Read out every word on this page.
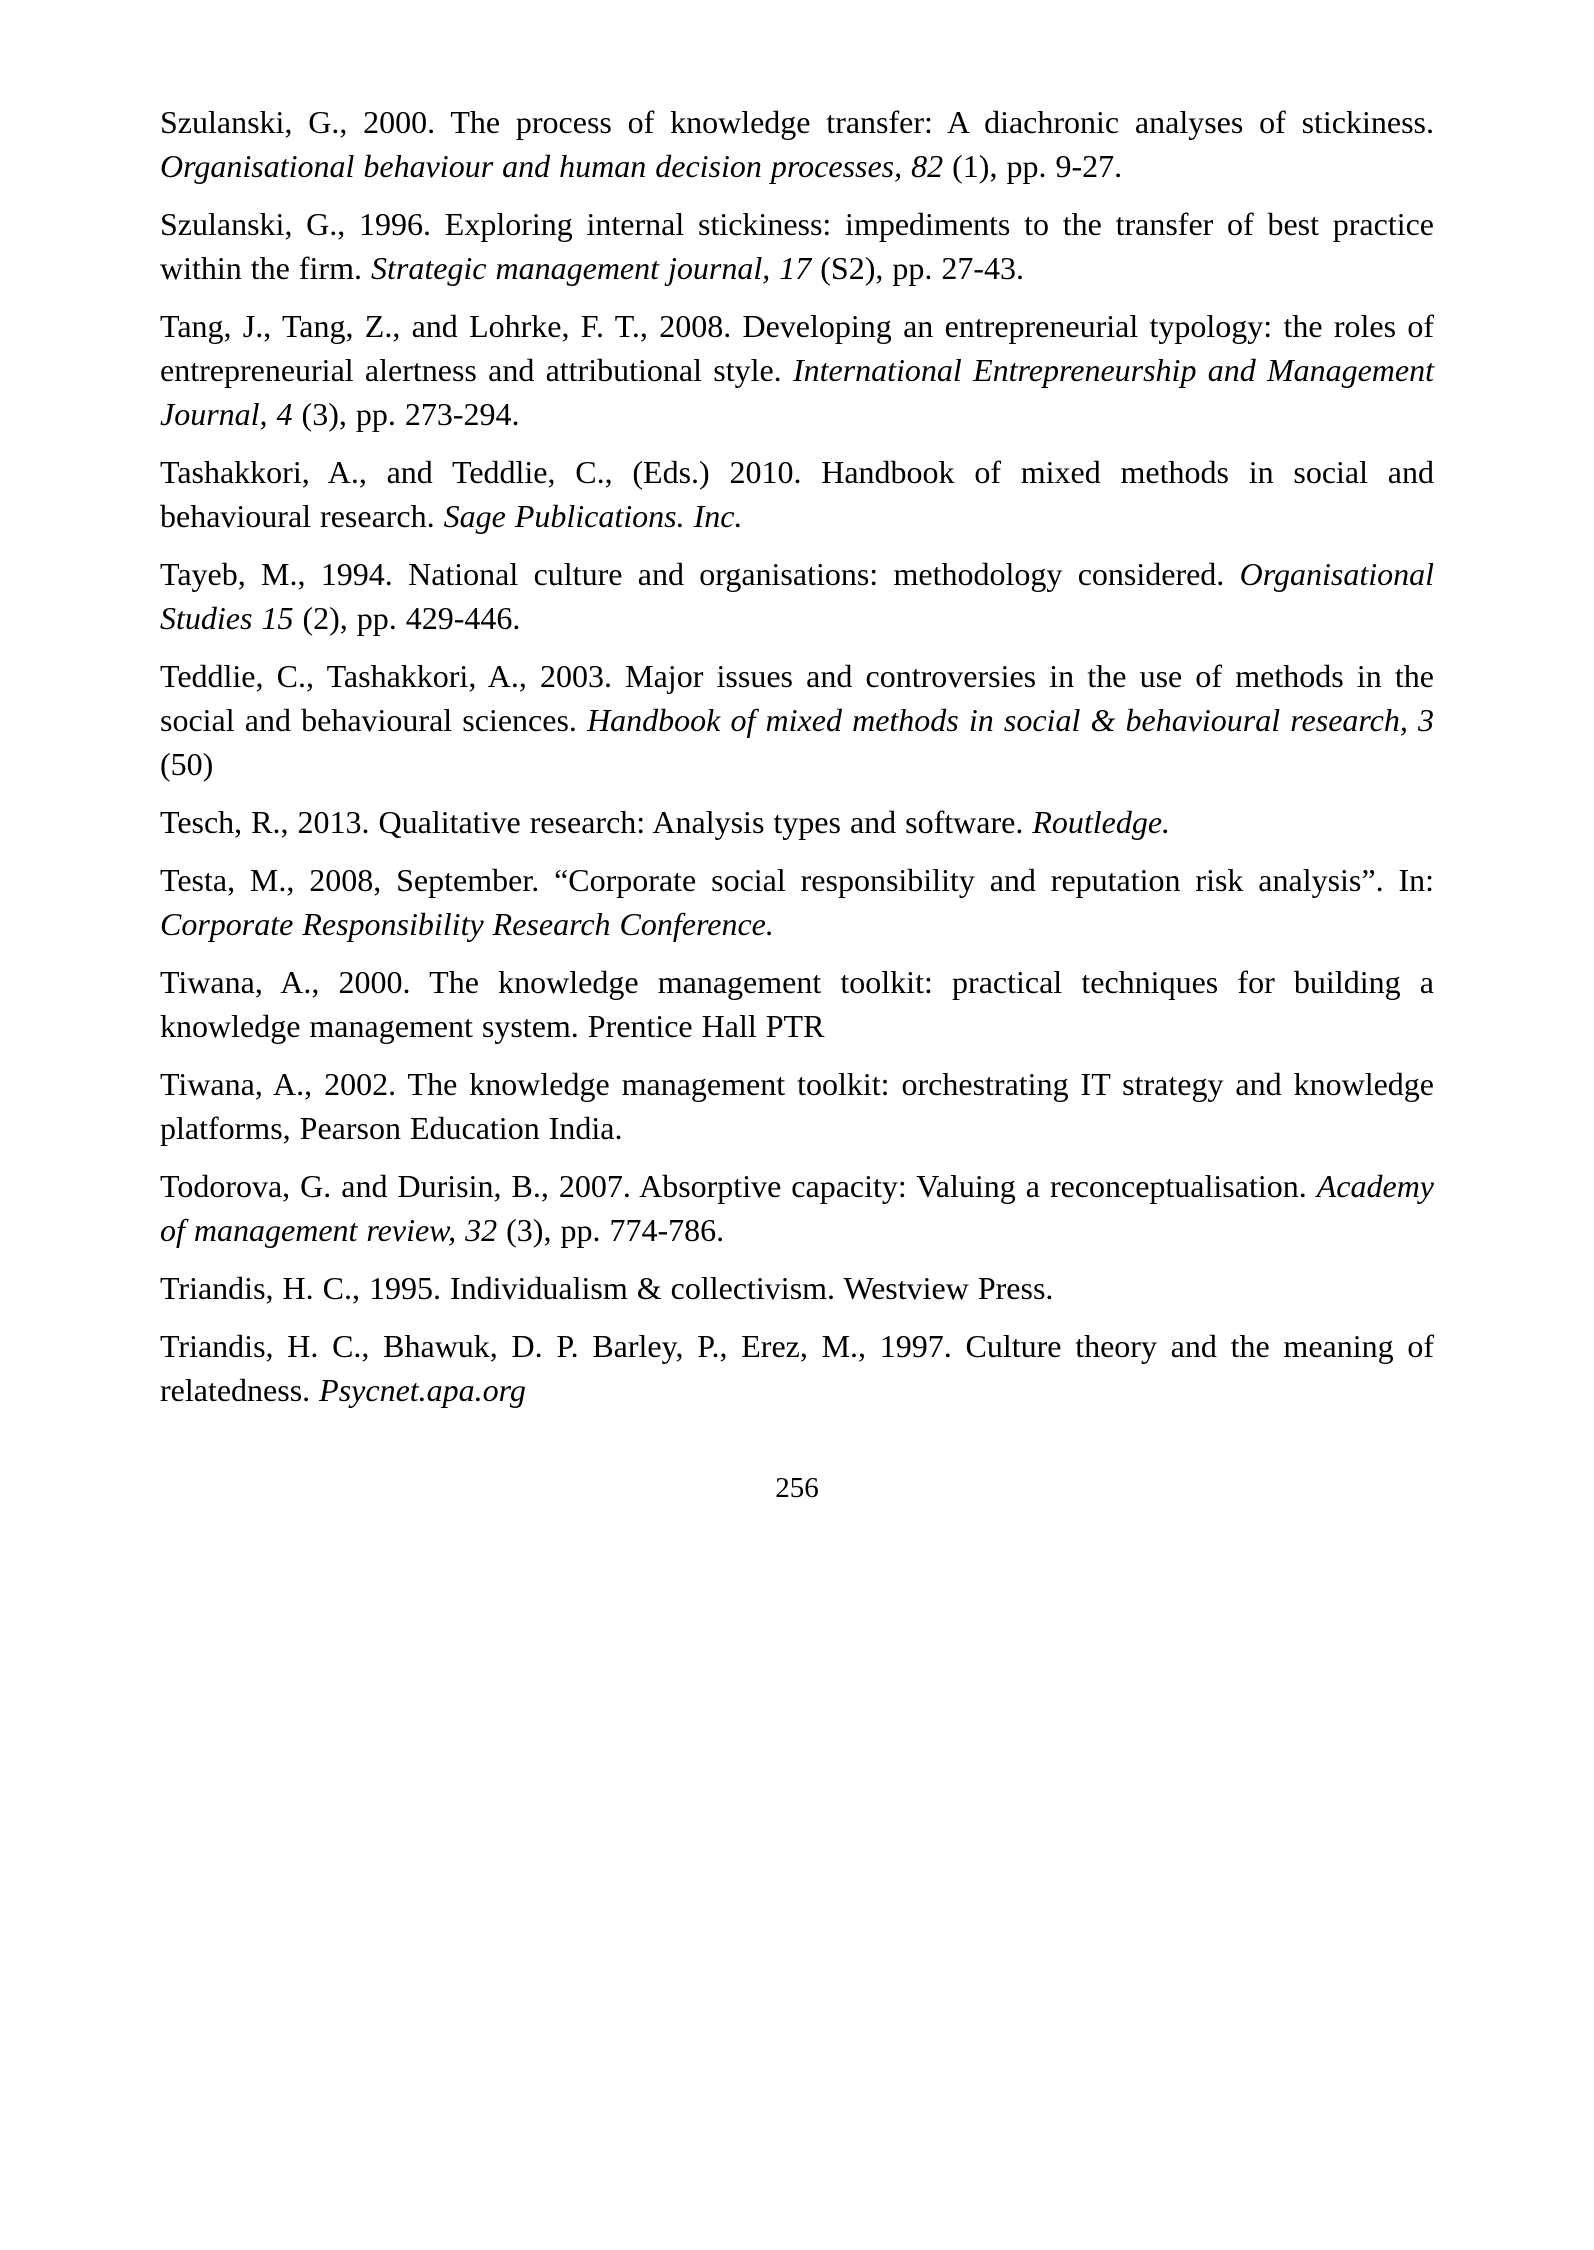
Szulanski, G., 2000. The process of knowledge transfer: A diachronic analyses of stickiness. Organisational behaviour and human decision processes, 82 (1), pp. 9-27.

Szulanski, G., 1996. Exploring internal stickiness: impediments to the transfer of best practice within the firm. Strategic management journal, 17 (S2), pp. 27-43.

Tang, J., Tang, Z., and Lohrke, F. T., 2008. Developing an entrepreneurial typology: the roles of entrepreneurial alertness and attributional style. International Entrepreneurship and Management Journal, 4 (3), pp. 273-294.

Tashakkori, A., and Teddlie, C., (Eds.) 2010. Handbook of mixed methods in social and behavioural research. Sage Publications. Inc.

Tayeb, M., 1994. National culture and organisations: methodology considered. Organisational Studies 15 (2), pp. 429-446.

Teddlie, C., Tashakkori, A., 2003. Major issues and controversies in the use of methods in the social and behavioural sciences. Handbook of mixed methods in social & behavioural research, 3 (50)

Tesch, R., 2013. Qualitative research: Analysis types and software. Routledge.

Testa, M., 2008, September. “Corporate social responsibility and reputation risk analysis”. In: Corporate Responsibility Research Conference.

Tiwana, A., 2000. The knowledge management toolkit: practical techniques for building a knowledge management system. Prentice Hall PTR

Tiwana, A., 2002. The knowledge management toolkit: orchestrating IT strategy and knowledge platforms, Pearson Education India.

Todorova, G. and Durisin, B., 2007. Absorptive capacity: Valuing a reconceptualisation. Academy of management review, 32 (3), pp. 774-786.

Triandis, H. C., 1995. Individualism & collectivism. Westview Press.

Triandis, H. C., Bhawuk, D. P. Barley, P., Erez, M., 1997. Culture theory and the meaning of relatedness. Psycnet.apa.org

256
